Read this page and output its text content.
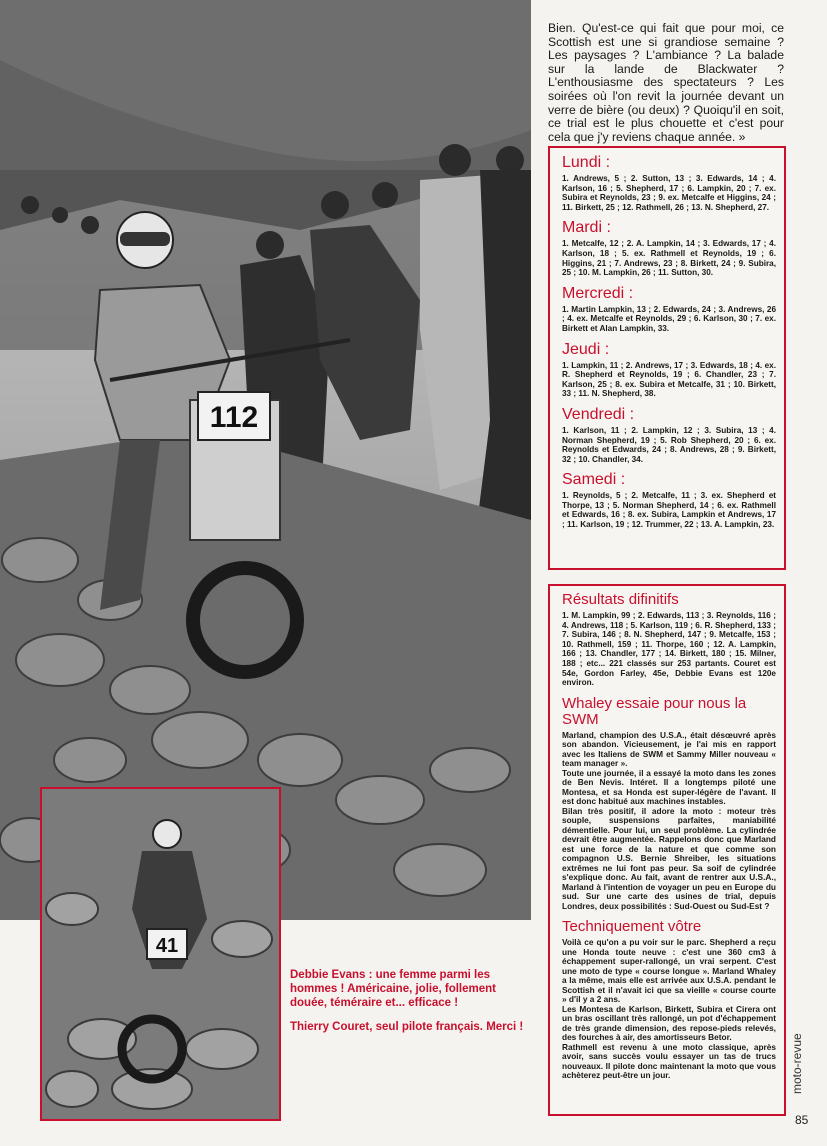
112
41

Debbie Evans : une femme parmi les hommes ! Américaine, jolie, follement douée, téméraire et... efficace !

Thierry Couret, seul pilote français. Merci !

Bien. Qu'est-ce qui fait que pour moi, ce Scottish est une si grandiose semaine ? Les paysages ? L'ambiance ? La balade sur la lande de Blackwater ? L'enthousiasme des spectateurs ? Les soirées où l'on revit la journée devant un verre de bière (ou deux) ? Quoiqu'il en soit, ce trial est le plus chouette et c'est pour cela que j'y reviens chaque année. »

Lundi :

1. Andrews, 5 ; 2. Sutton, 13 ; 3. Edwards, 14 ; 4. Karlson, 16 ; 5. Shepherd, 17 ; 6. Lampkin, 20 ; 7. ex. Subira et Reynolds, 23 ; 9. ex. Metcalfe et Higgins, 24 ; 11. Birkett, 25 ; 12. Rathmell, 26 ; 13. N. Shepherd, 27.

Mardi :

1. Metcalfe, 12 ; 2. A. Lampkin, 14 ; 3. Edwards, 17 ; 4. Karlson, 18 ; 5. ex. Rathmell et Reynolds, 19 ; 6. Higgins, 21 ; 7. Andrews, 23 ; 8. Birkett, 24 ; 9. Subira, 25 ; 10. M. Lampkin, 26 ; 11. Sutton, 30.

Mercredi :

1. Martin Lampkin, 13 ; 2. Edwards, 24 ; 3. Andrews, 26 ; 4. ex. Metcalfe et Reynolds, 29 ; 6. Karlson, 30 ; 7. ex. Birkett et Alan Lampkin, 33.

Jeudi :

1. Lampkin, 11 ; 2. Andrews, 17 ; 3. Edwards, 18 ; 4. ex. R. Shepherd et Reynolds, 19 ; 6. Chandler, 23 ; 7. Karlson, 25 ; 8. ex. Subira et Metcalfe, 31 ; 10. Birkett, 33 ; 11. N. Shepherd, 38.

Vendredi :

1. Karlson, 11 ; 2. Lampkin, 12 ; 3. Subira, 13 ; 4. Norman Shepherd, 19 ; 5. Rob Shepherd, 20 ; 6. ex. Reynolds et Edwards, 24 ; 8. Andrews, 28 ; 9. Birkett, 32 ; 10. Chandler, 34.

Samedi :

1. Reynolds, 5 ; 2. Metcalfe, 11 ; 3. ex. Shepherd et Thorpe, 13 ; 5. Norman Shepherd, 14 ; 6. ex. Rathmell et Edwards, 16 ; 8. ex. Subira, Lampkin et Andrews, 17 ; 11. Karlson, 19 ; 12. Trummer, 22 ; 13. A. Lampkin, 23.

Résultats difinitifs

1. M. Lampkin, 99 ; 2. Edwards, 113 ; 3. Reynolds, 116 ; 4. Andrews, 118 ; 5. Karlson, 119 ; 6. R. Shepherd, 133 ; 7. Subira, 146 ; 8. N. Shepherd, 147 ; 9. Metcalfe, 153 ; 10. Rathmell, 159 ; 11. Thorpe, 160 ; 12. A. Lampkin, 166 ; 13. Chandler, 177 ; 14. Birkett, 180 ; 15. Milner, 188 ; etc... 221 classés sur 253 partants. Couret est 54e, Gordon Farley, 45e, Debbie Evans est 120e environ.

Whaley essaie pour nous la SWM

Marland, champion des U.S.A., était désœuvré après son abandon. Vicieusement, je l'ai mis en rapport avec les Italiens de SWM et Sammy Miller nouveau « team manager ».

Toute une journée, il a essayé la moto dans les zones de Ben Nevis. Intéret. Il a longtemps piloté une Montesa, et sa Honda est super-légère de l'avant. Il est donc habitué aux machines instables.

Bilan très positif, il adore la moto : moteur très souple, suspensions parfaites, maniabilité démentielle. Pour lui, un seul problème. La cylindrée devrait être augmentée. Rappelons donc que Marland est une force de la nature et que comme son compagnon U.S. Bernie Shreiber, les situations extrêmes ne lui font pas peur. Sa soif de cylindrée s'explique donc. Au fait, avant de rentrer aux U.S.A., Marland à l'intention de voyager un peu en Europe du sud. Sur une carte des usines de trial, depuis Londres, deux possibilités : Sud-Ouest ou Sud-Est ?

Techniquement vôtre

Voilà ce qu'on a pu voir sur le parc. Shepherd a reçu une Honda toute neuve : c'est une 360 cm3 à échappement super-rallongé, un vrai serpent. C'est une moto de type « course longue ». Marland Whaley a la même, mais elle est arrivée aux U.S.A. pendant le Scottish et il n'avait ici que sa vieille « course courte » d'il y a 2 ans.

Les Montesa de Karlson, Birkett, Subira et Cirera ont un bras oscillant très rallongé, un pot d'échappement de très grande dimension, des repose-pieds relevés, des fourches à air, des amortisseurs Betor.

Rathmell est revenu à une moto classique, après avoir, sans succès voulu essayer un tas de trucs nouveaux. Il pilote donc maintenant la moto que vous achèterez peut-être un jour.	moto-revue
85
